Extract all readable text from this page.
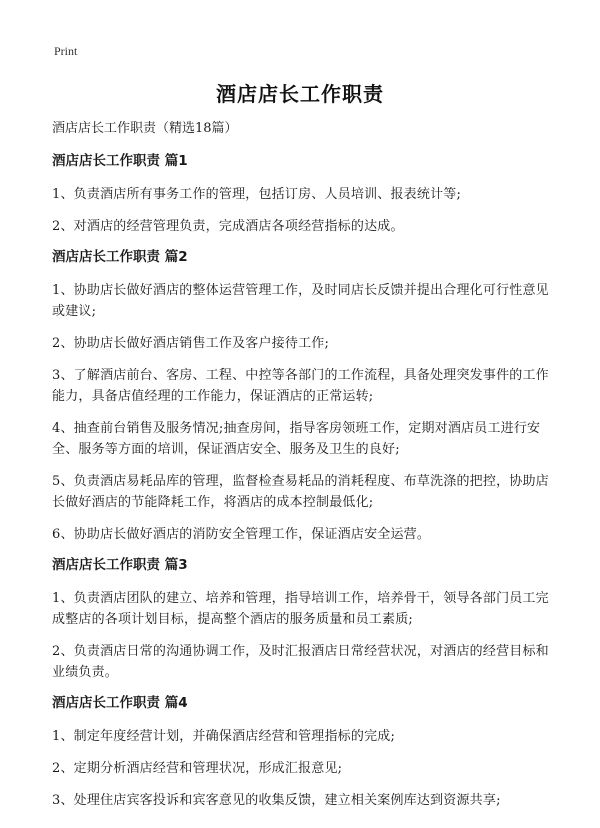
Print
酒店店长工作职责
酒店店长工作职责（精选18篇）
酒店店长工作职责 篇1
1、负责酒店所有事务工作的管理，包括订房、人员培训、报表统计等;
2、对酒店的经营管理负责，完成酒店各项经营指标的达成。
酒店店长工作职责 篇2
1、协助店长做好酒店的整体运营管理工作，及时同店长反馈并提出合理化可行性意见或建议;
2、协助店长做好酒店销售工作及客户接待工作;
3、了解酒店前台、客房、工程、中控等各部门的工作流程，具备处理突发事件的工作能力，具备店值经理的工作能力，保证酒店的正常运转;
4、抽查前台销售及服务情况;抽查房间，指导客房领班工作，定期对酒店员工进行安全、服务等方面的培训，保证酒店安全、服务及卫生的良好;
5、负责酒店易耗品库的管理，监督检查易耗品的消耗程度、布草洗涤的把控，协助店长做好酒店的节能降耗工作，将酒店的成本控制最低化;
6、协助店长做好酒店的消防安全管理工作，保证酒店安全运营。
酒店店长工作职责 篇3
1、负责酒店团队的建立、培养和管理，指导培训工作，培养骨干，领导各部门员工完成整店的各项计划目标，提高整个酒店的服务质量和员工素质;
2、负责酒店日常的沟通协调工作，及时汇报酒店日常经营状况，对酒店的经营目标和业绩负责。
酒店店长工作职责 篇4
1、制定年度经营计划，并确保酒店经营和管理指标的完成;
2、定期分析酒店经营和管理状况，形成汇报意见;
3、处理住店宾客投诉和宾客意见的收集反馈，建立相关案例库达到资源共享;
